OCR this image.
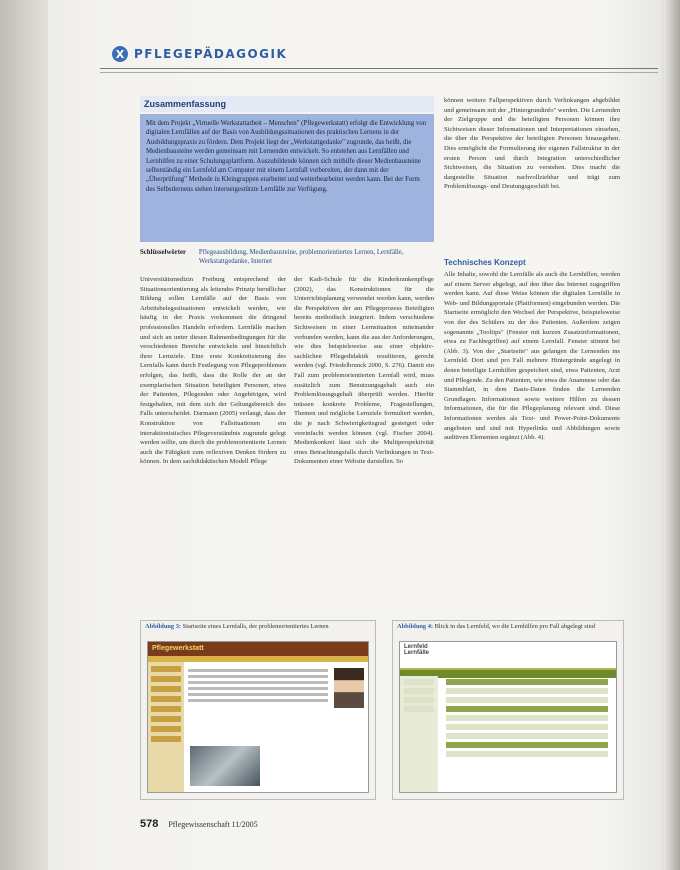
X PFLEGEPÄDAGOGIK
Zusammenfassung
Mit dem Projekt „Virtuelle Werkstattarbeit – Menschen" (Pflegewerkstatt) erfolgt die Entwicklung von digitalen Lernfällen auf der Basis von Ausbildungssituationen des praktischen Lernens in der Ausbildungspraxis zu fördern. Dem Projekt liegt der „Werkstattgedanke" zugrunde, das heißt, die Medienbausteine werden gemeinsam mit Lernenden entwickelt. So entstehen aus Lernfällen und Lernhilfen zu einer Schulungsplattform. Auszubildende können sich mithilfe dieser Medienbausteine selbstständig ein Lernfeld am Computer mit einem Lernfall vorbereiten, der dann mit der „Überprüfung" Methode in Kleingruppen erarbeitet und weiterbearbeitet werden kann. Bei der Form des Selbstlernens stehen internetgestützte Lernfälle zur Verfügung.
Schlüsselwörter	Pflegeausbildung, Medienbausteine, problemorientiertes Lernen, Lernfälle, Werkstattgedanke, Internet
Universitätsmedizin Freiburg entsprechend der Situationsorientierung als leitendes Prinzip beruflicher Bildung sollen Lernfälle auf der Basis von Arbeitsbelegssituationen entwickelt werden, wie häufig in der Praxis vorkommen die dringend professionelles Handeln erfordern. Lernfälle machen und sich an unter diesen Rahmenbedingungen für die verschiedenen Bereiche entwickeln und hinsichtlich ihrer Lernziele. Eine erste Konkretisierung des Lernfalls kann durch Festlegung von Pflegeproblemen erfolgen, das heißt, dass die Rolle der an der exemplarischen Situation beteiligten Personen, etwa der Patienten, Pflegenden oder Angehörigen, wird festgehalten, mit dem sich der Geltungsbereich des Falls unterscheidet. Darmann (2005) verlangt, dass der Konstruktion von Fallsituationen ein interaktionistisches Pflegeverständnis zugrunde gelegt werden sollte, um durch die problemorientierte Lernen auch die Fähigkeit zum reflexiven Denken fördern zu können. In dem sachdidaktischen Modell Pflege
der Kadi-Schule für die Kinderkrankenpflege (2002), das Konstruktionen für die Unterrichtsplanung verwendet werden kann, werden die Perspektiven der am Pflegeprozess Beteiligten bereits methodisch integriert. Indem verschiedene Sichtweisen in einer Lernsituation miteinander verbunden werden, kann die aus der Anforderungen, wie dies beispielsweise aus einer objektiv-sachlichen Pflegedidaktik resultieren, gerecht werden (vgl. Friedelbrunck 2000, S. 276). Damit ein Fall zum problemorientierten Lernfall wird, muss zusätzlich zum Benutzungsgehalt auch ein Problemlösungsgehalt überprüft werden. Hierfür müssen konkrete Probleme, Fragestellungen, Themen und mögliche Lernziele formuliert werden, die je nach Schwierigkeitsgrad gesteigert oder vereinfacht werden können (vgl. Fischer 2004). Medienkonkret lässt sich die Multiperspektivität eines Betrachtungsfalls durch Verlinkungen in Text-Dokumenten einer Website darstellen. So
können weitere Fallperspektiven durch Verlinkungen abgebildet und gemeinsam mit der „Hintergrundinfo" werden. Die Lernenden der Zielgruppe und die beteiligten Personen können ihre Sichtweisen dieser Informationen und Interpretationen einsehen, die über die Perspektive der beteiligten Personen hinausgehen. Dies ermöglicht die Formulierung der eigenen Fallstruktur in der ersten Person und durch Integration unterschiedlicher Sichtweisen, die Situation zu verstehen. Dies macht die dargestellte Situation nachvollziehbar und trägt zum Problemlösungs- und Deutungsgeschäft bei.
Technisches Konzept
Alle Inhalte, sowohl die Lernfälle als auch die Lernhilfen, werden auf einem Server abgelegt, auf den über das Internet zugegriffen werden kann. Auf diese Weise können die digitalen Lernfälle in Web- und Bildungsportale (Plattformen) eingebunden werden. Die Startseite ermöglicht den Wechsel der Perspektive, beispielsweise von der des Schülers zu der des Patienten. Außerdem zeigen sogenannte „Tooltips" (Fenster mit kurzen Zusatzinformationen, etwa zu Fachbegriffen) auf einem Lernfall. Fenster stimmt bei (Abb. 3). Von der „Startseite" aus gelangen die Lernenden ins Lernfeld. Dort sind pro Fall mehrere Hintergründe angelegt in denen beteiligte Lernhilfen gespeichert sind, etwa Patienten, Arzt und Pflegende. Zu den Patienten, wie etwa die Anamnese oder das Stammblatt, in dem Basis-Daten finden die Lernenden Grundlagen. Informationen sowie weitere Hilfen zu dessen Informationen, die für die Pflegeplanung relevant sind. Diese Informationen werden als Text- und Power-Point-Dokumente angeboten und sind mit Hyperlinks und Abbildungen sowie auditiven Elementen ergänzt (Abb. 4).
Abbildung 3: Startseite eines Lernfalls, der problemorientiertes Lernen
Pflegewerkstatt
Abbildung 4: Blick in das Lernfeld, wo die Lernhilfen pro Fall abgelegt sind
Lernfeld
Lernfälle
578 Pflegewissenschaft 11/2005
